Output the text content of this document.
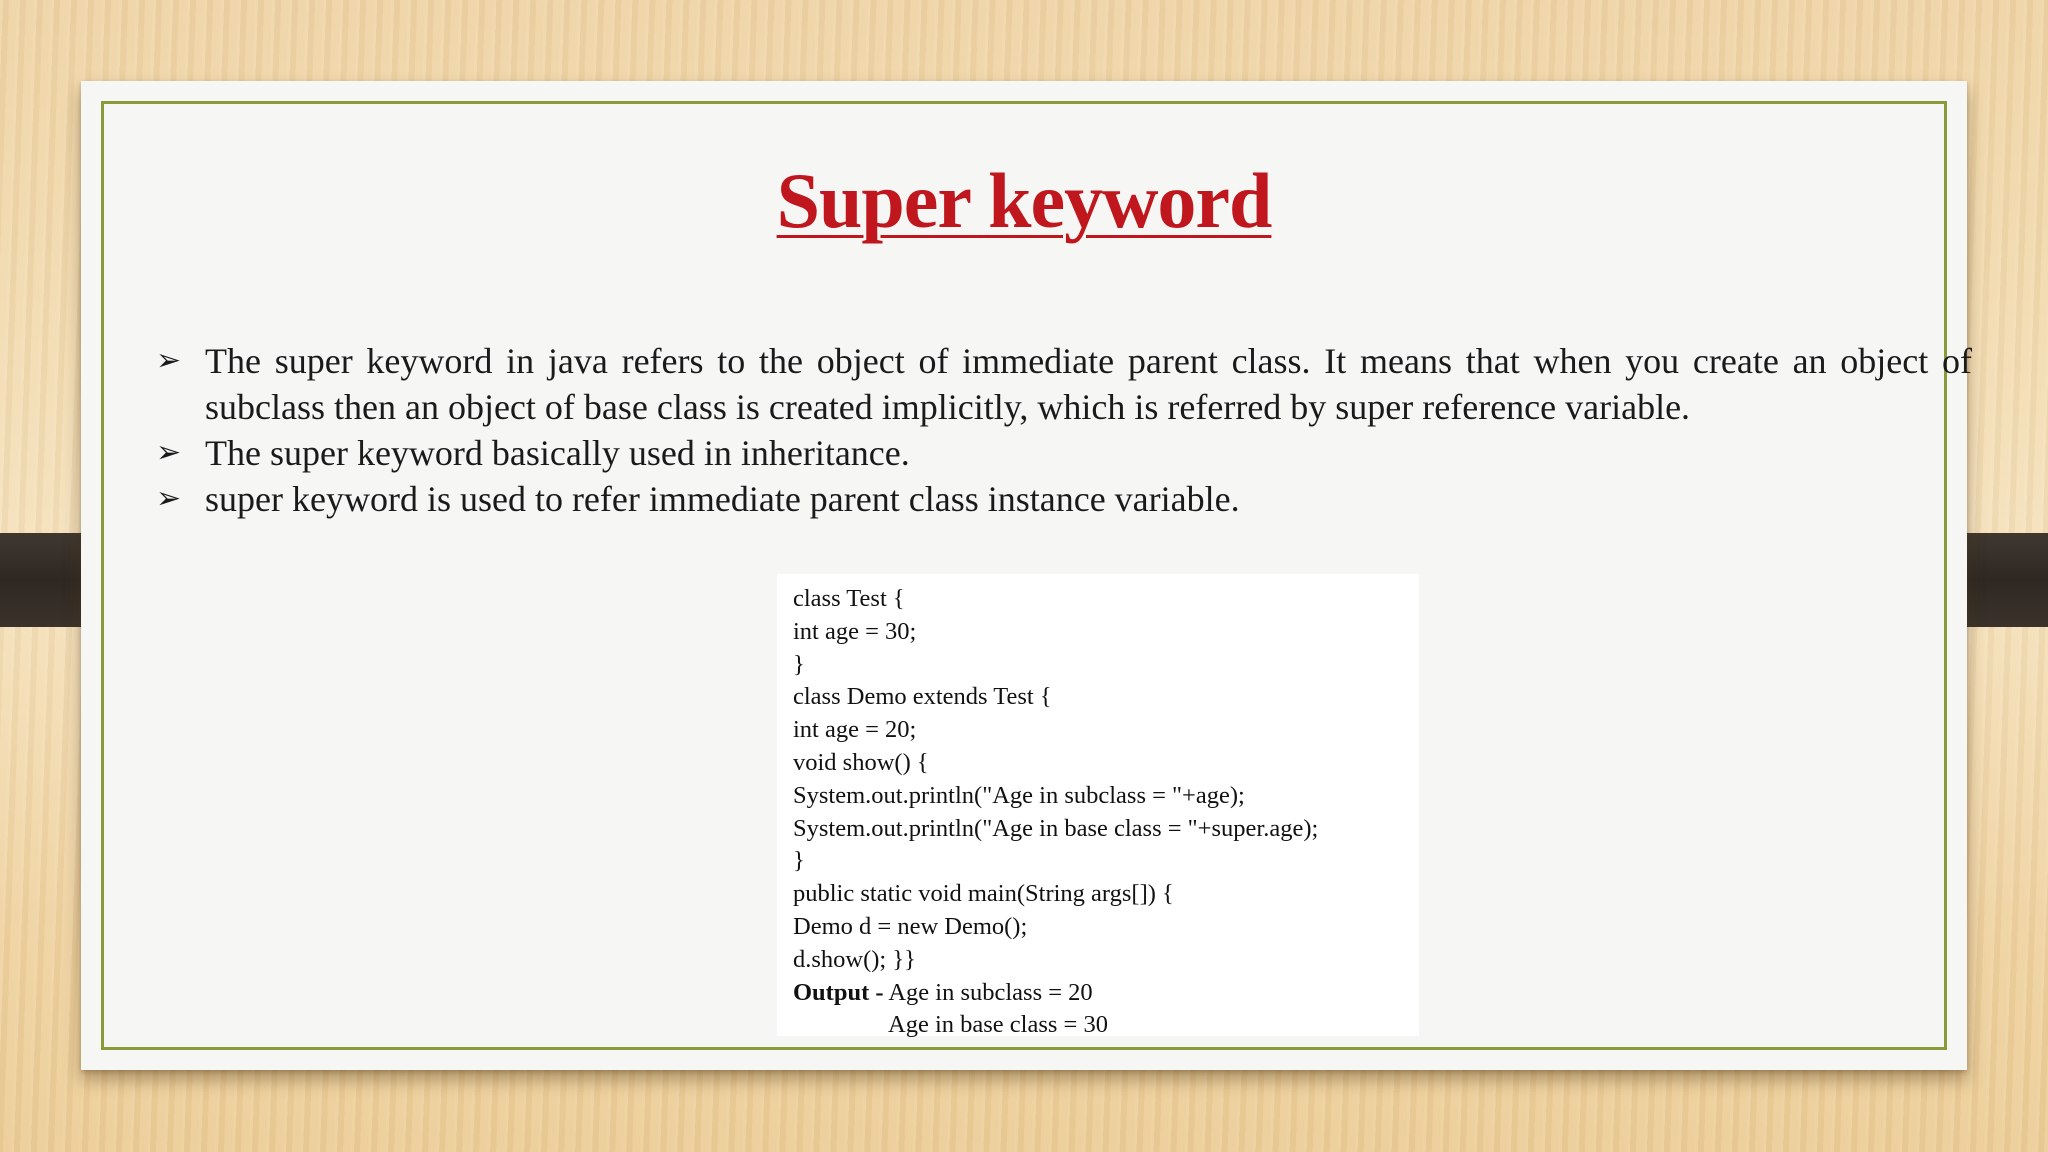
Super keyword
➢ The super keyword in java refers to the object of immediate parent class. It means that when you create an object of subclass then an object of base class is created implicitly, which is referred by super reference variable.
➢ The super keyword basically used in inheritance.
➢ super keyword is used to refer immediate parent class instance variable.
class Test {
int age = 30;
}
class Demo extends Test {
int age = 20;
void show() {
System.out.println("Age in subclass = "+age);
System.out.println("Age in base class = "+super.age);
}
public static void main(String args[]) {
Demo d = new Demo();
d.show(); }}
Output - Age in subclass = 20
Age in base class = 30
